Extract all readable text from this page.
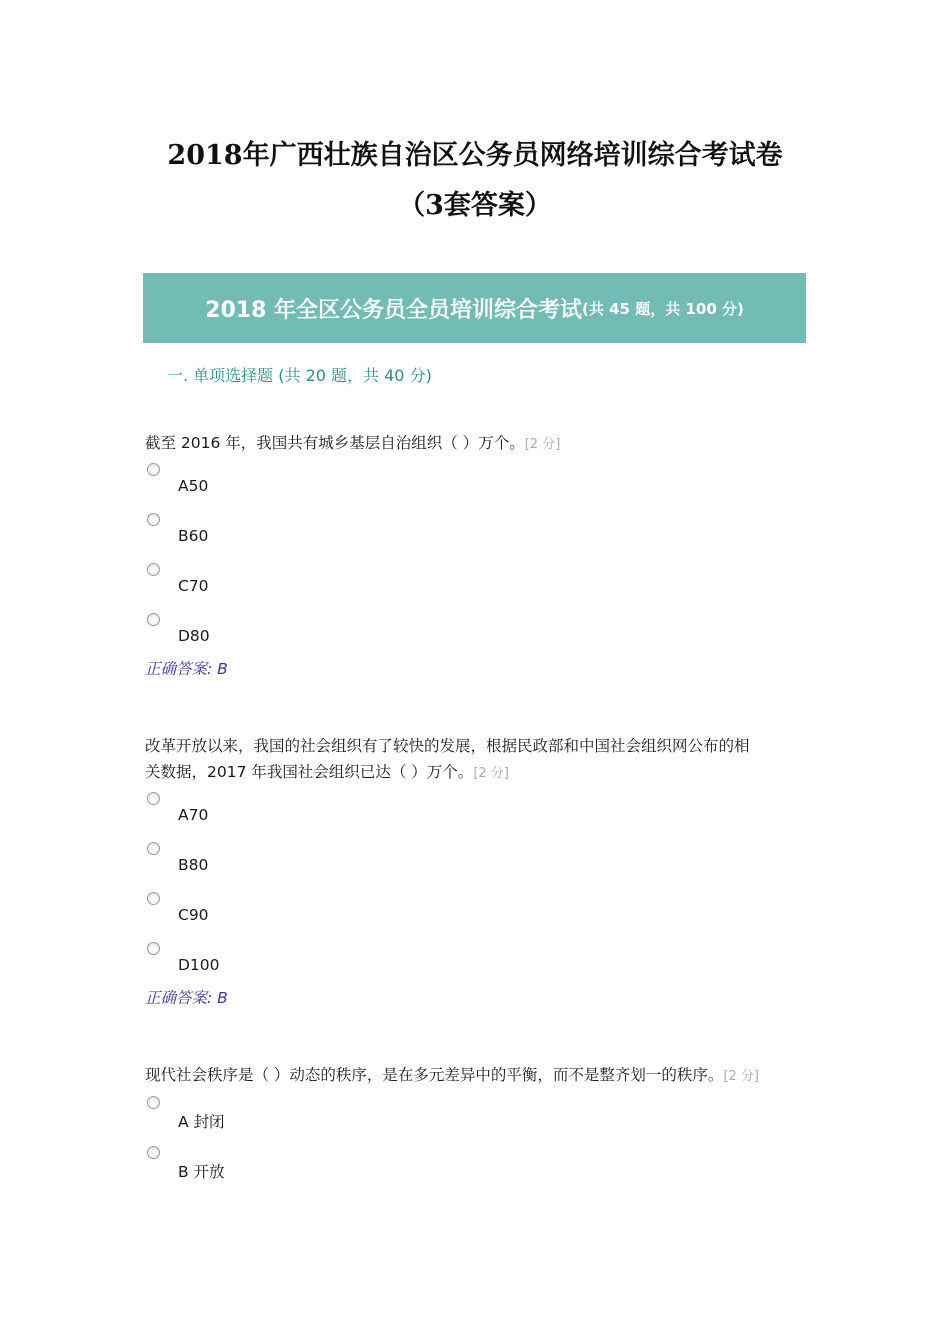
2018年广西壮族自治区公务员网络培训综合考试卷
（3套答案）
2018 年全区公务员全员培训综合考试 (共 45 题，共 100 分)
一. 单项选择题 (共 20 题，共 40 分)
截至 2016 年，我国共有城乡基层自治组织（ ）万个。[2 分]
A50
B60
C70
D80
正确答案: B
改革开放以来，我国的社会组织有了较快的发展，根据民政部和中国社会组织网公布的相
关数据，2017 年我国社会组织已达（ ）万个。[2 分]
A70
B80
C90
D100
正确答案: B
现代社会秩序是（ ）动态的秩序，是在多元差异中的平衡，而不是整齐划一的秩序。[2 分]
A 封闭
B 开放
